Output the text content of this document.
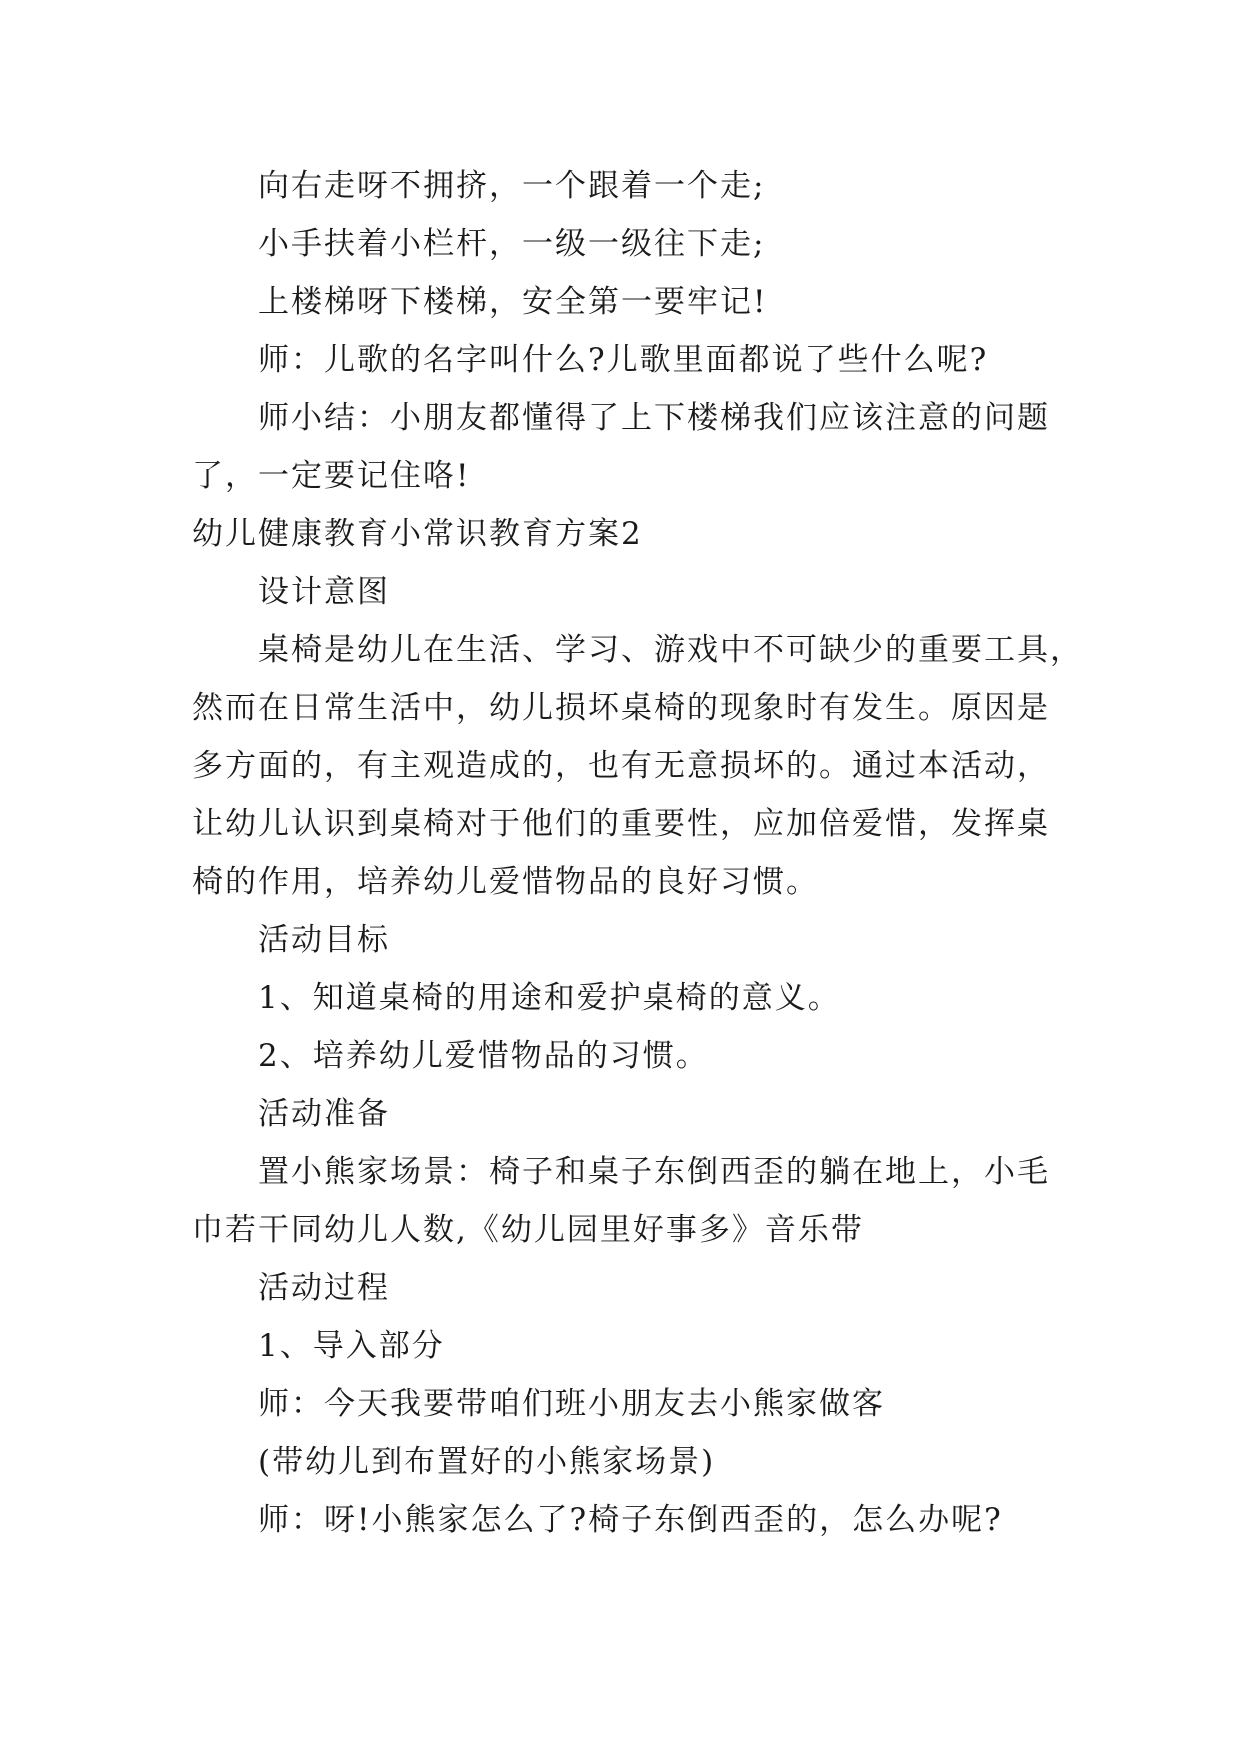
向右走呀不拥挤，一个跟着一个走;
小手扶着小栏杆，一级一级往下走;
上楼梯呀下楼梯，安全第一要牢记!
师：儿歌的名字叫什么?儿歌里面都说了些什么呢?
师小结：小朋友都懂得了上下楼梯我们应该注意的问题
了，一定要记住咯!
幼儿健康教育小常识教育方案2
设计意图
桌椅是幼儿在生活、学习、游戏中不可缺少的重要工具，
然而在日常生活中，幼儿损坏桌椅的现象时有发生。原因是
多方面的，有主观造成的，也有无意损坏的。通过本活动，
让幼儿认识到桌椅对于他们的重要性，应加倍爱惜，发挥桌
椅的作用，培养幼儿爱惜物品的良好习惯。
活动目标
1、知道桌椅的用途和爱护桌椅的意义。
2、培养幼儿爱惜物品的习惯。
活动准备
置小熊家场景：椅子和桌子东倒西歪的躺在地上，小毛
巾若干同幼儿人数,《幼儿园里好事多》音乐带
活动过程
1、导入部分
师：今天我要带咱们班小朋友去小熊家做客
(带幼儿到布置好的小熊家场景)
师：呀!小熊家怎么了?椅子东倒西歪的，怎么办呢?
